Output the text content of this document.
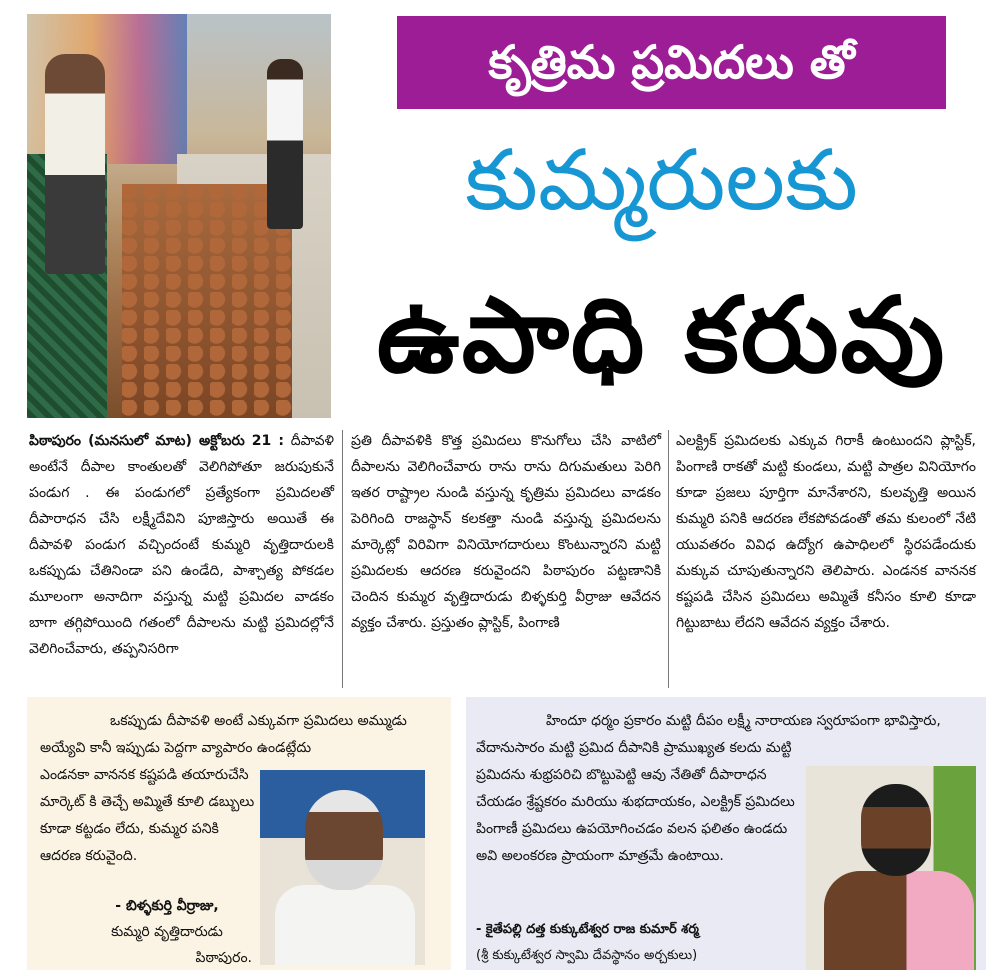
కృత్రిమ ప్రమిదలు తో
కుమ్మరులకు
ఉపాధి కరువు
పిఠాపురం (మనసులో మాట) అక్టోబరు 21 : దీపావళి అంటేనే దీపాల కాంతులతో వెలిగిపోతూ జరుపుకునే పండుగ . ఈ పండుగలో ప్రత్యేకంగా ప్రమిదలతో దీపారాధన చేసి లక్ష్మీదేవిని పూజిస్తారు అయితే ఈ దీపావళి పండుగ వచ్చిందంటే కుమ్మరి వృత్తిదారులకి ఒకప్పుడు చేతినిండా పని ఉండేది, పాశ్చాత్య పోకడల మూలంగా అనాదిగా వస్తున్న మట్టి ప్రమిదల వాడకం బాగా తగ్గిపోయింది గతంలో దీపాలను మట్టి ప్రమిదల్లోనే వెలిగించేవారు, తప్పనిసరిగా
ప్రతి దీపావళికి కొత్త ప్రమిదలు కొనుగోలు చేసి వాటిలో దీపాలను వెలిగించేవారు రాను రాను దిగుమతులు పెరిగి ఇతర రాష్ట్రాల నుండి వస్తున్న కృత్రిమ ప్రమిదలు వాడకం పెరిగింది రాజస్థాన్ కలకత్తా నుండి వస్తున్న ప్రమిదలను మార్కెట్లో విరివిగా వినియోగదారులు కొంటున్నారని మట్టి ప్రమిదలకు ఆదరణ కరువైందని పిఠాపురం పట్టణానికి చెందిన కుమ్మర వృత్తిదారుడు బిళ్ళకుర్తి వీర్రాజు ఆవేదన వ్యక్తం చేశారు. ప్రస్తుతం ప్లాస్టిక్, పింగాణి
ఎలక్ట్రిక్ ప్రమిదలకు ఎక్కువ గిరాకీ ఉంటుందని ప్లాస్టిక్, పింగాణి రాకతో మట్టి కుండలు, మట్టి పాత్రల వినియోగం కూడా ప్రజలు పూర్తిగా మానేశారని, కులవృత్తి అయిన కుమ్మరి పనికి ఆదరణ లేకపోవడంతో తమ కులంలో నేటి యువతరం వివిధ ఉద్యోగ ఉపాధిలలో స్థిరపడేందుకు మక్కువ చూపుతున్నారని తెలిపారు. ఎండనక వాననక కష్టపడి చేసిన ప్రమిదలు అమ్మితే కనీసం కూలి కూడా గిట్టుబాటు లేదని ఆవేదన వ్యక్తం చేశారు.
ఒకప్పుడు దీపావళి అంటే ఎక్కువగా ప్రమిదలు అమ్ముడు అయ్యేవి కానీ ఇప్పుడు పెద్దగా వ్యాపారం ఉండట్లేదు
ఎండనకా వాననక కష్టపడి తయారుచేసి మార్కెట్ కి తెచ్చే అమ్మితే కూలి డబ్బులు కూడా కట్టడం లేదు, కుమ్మర పనికి ఆదరణ కరువైంది.
- బిళ్ళకుర్తి వీర్రాజు,
కుమ్మరి వృత్తిదారుడు
పిఠాపురం.
హిందూ ధర్మం ప్రకారం మట్టి దీపం లక్ష్మీ నారాయణ స్వరూపంగా భావిస్తారు, వేదానుసారం మట్టి ప్రమిద దీపానికి ప్రాముఖ్యత కలదు మట్టి
ప్రమిదను శుభ్రపరిచి బొట్టుపెట్టి ఆవు నేతితో దీపారాధన చేయడం శ్రేష్టకరం మరియు శుభదాయకం, ఎలక్ట్రిక్ ప్రమిదలు పింగాణీ ప్రమిదలు ఉపయోగించడం వలన ఫలితం ఉండదు అవి అలంకరణ ప్రాయంగా మాత్రమే ఉంటాయి.
- కైతేపల్లి దత్త కుక్కుటేశ్వర రాజ కుమార్ శర్మ
(శ్రీ కుక్కుటేశ్వర స్వామి దేవస్థానం అర్చకులు)
